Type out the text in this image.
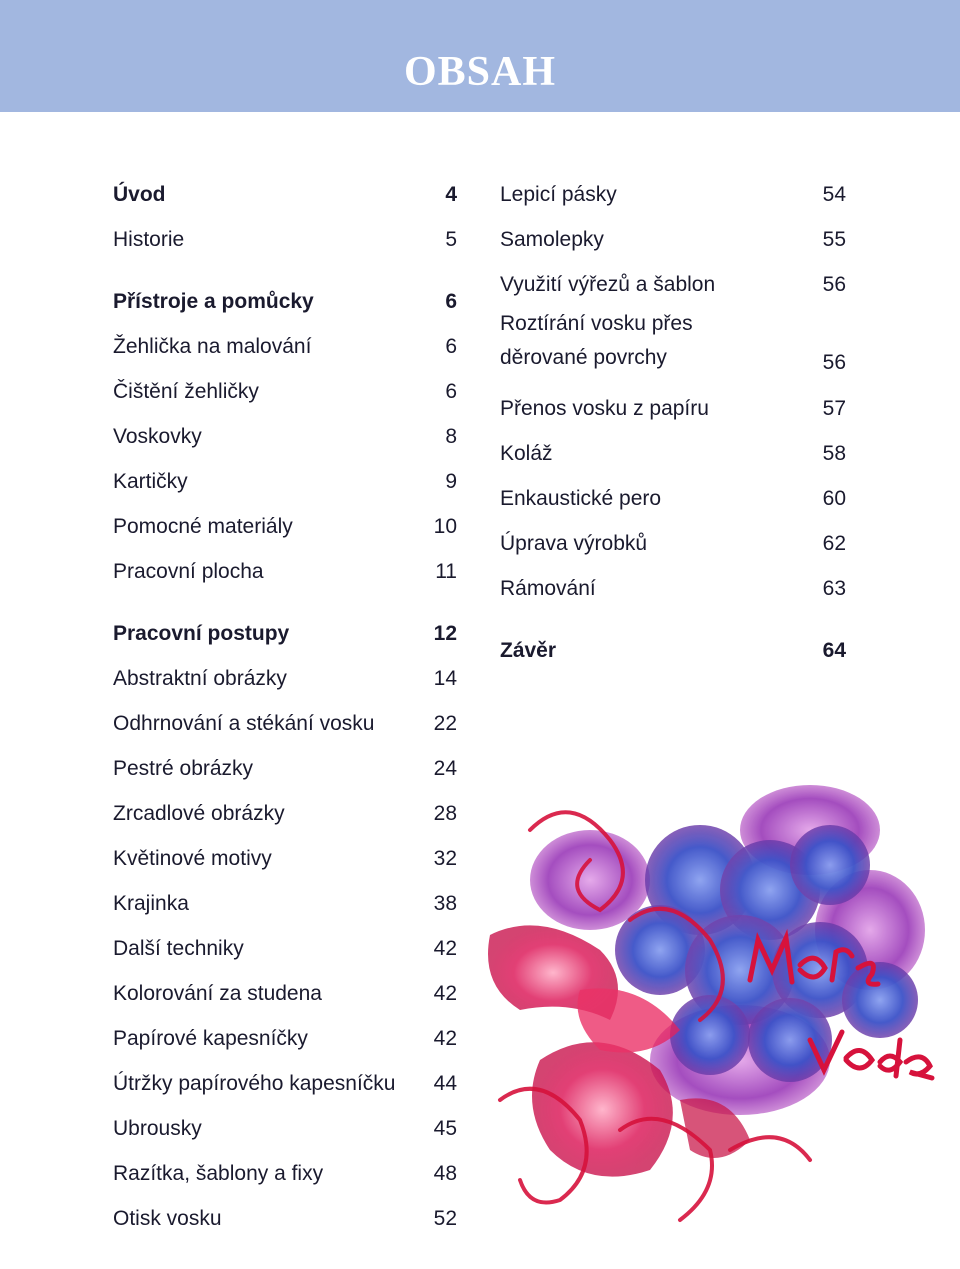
OBSAH
Úvod	4
Historie	5
Přístroje a pomůcky	6
Žehlička na malování	6
Čištění žehličky	6
Voskovky	8
Kartičky	9
Pomocné materiály	10
Pracovní plocha	11
Pracovní postupy	12
Abstraktní obrázky	14
Odhrnování a stékání vosku	22
Pestré obrázky	24
Zrcadlové obrázky	28
Květinové motivy	32
Krajinka	38
Další techniky	42
Kolorování za studena	42
Papírové kapesníčky	42
Útržky papírového kapesníčku 44
Ubrousky	45
Razítka, šablony a fixy	48
Otisk vosku	52
Lepicí pásky	54
Samolepky	55
Využití výřezů a šablon	56
Roztírání vosku přes
děrované povrchy	56
Přenos vosku z papíru	57
Koláž	58
Enkaustické pero	60
Úprava výrobků	62
Rámování	63
Závěr	64
